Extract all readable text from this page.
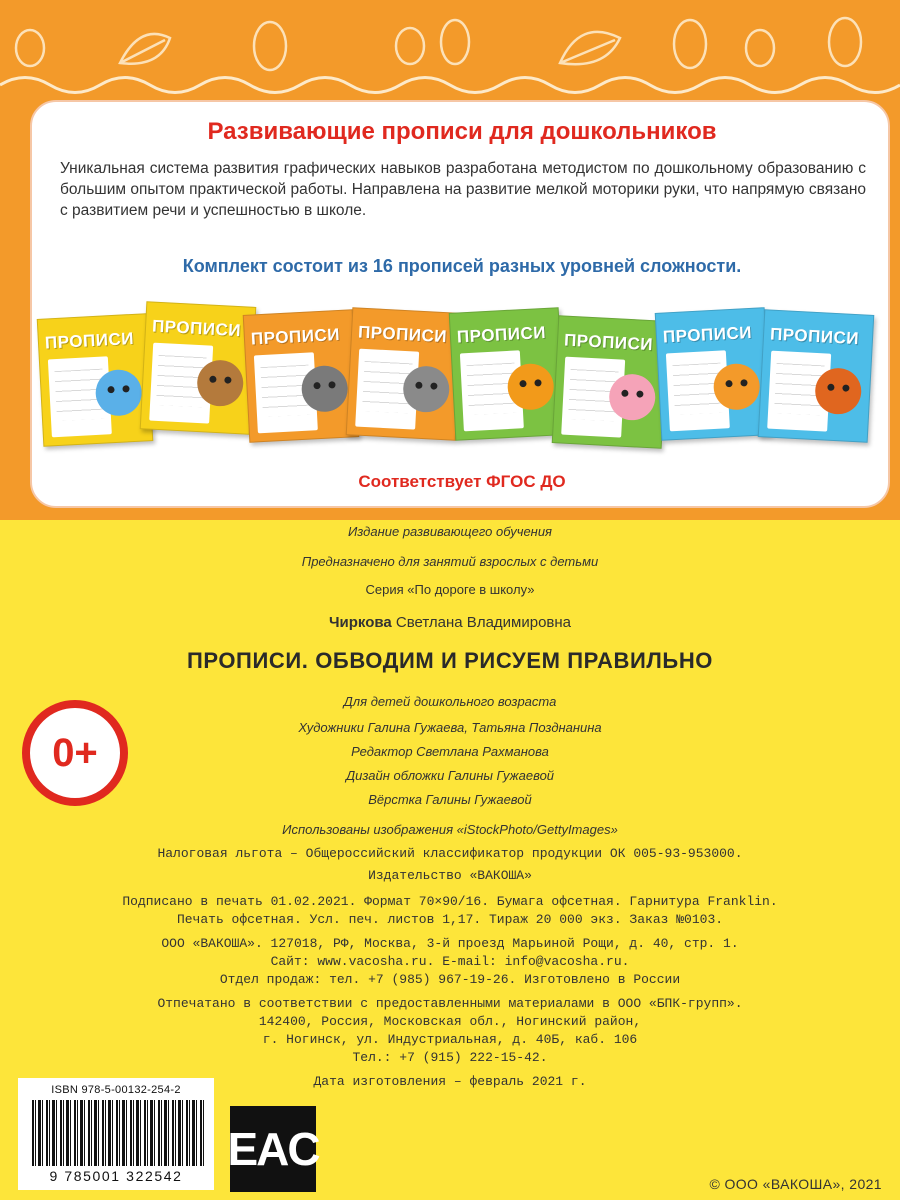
Развивающие прописи для дошкольников
Уникальная система развития графических навыков разработана методистом по дошкольному образованию с большим опытом практической работы. Направлена на развитие мелкой моторики руки, что напрямую связано с развитием речи и успешностью в школе.
Комплект состоит из 16 прописей разных уровней сложности.
ПРОПИСИ
ПРОПИСИ ПРОПИСИ ПРОПИСИ ПРОПИСИ ПРОПИСИ ПРОПИСИ ПРОПИСИ
Соответствует ФГОС ДО
Издание развивающего обучения
Предназначено для занятий взрослых с детьми
Серия «По дороге в школу»
Чиркова Светлана Владимировна
ПРОПИСИ. ОБВОДИМ И РИСУЕМ ПРАВИЛЬНО
0+
Для детей дошкольного возраста
Художники Галина Гужаева, Татьяна Позднанина
Редактор Светлана Рахманова
Дизайн обложки Галины Гужаевой
Вёрстка Галины Гужаевой
Использованы изображения «iStockPhoto/GettyImages»
Налоговая льгота – Общероссийский классификатор продукции ОК 005-93-953000.
Издательство «ВАКОША»
Подписано в печать 01.02.2021. Формат 70×90/16. Бумага офсетная. Гарнитура Franklin.
Печать офсетная. Усл. печ. листов 1,17. Тираж 20 000 экз. Заказ №0103.
ООО «ВАКОША». 127018, РФ, Москва, 3-й проезд Марьиной Рощи, д. 40, стр. 1.
Сайт: www.vacosha.ru. E-mail: info@vacosha.ru.
Отдел продаж: тел. +7 (985) 967-19-26. Изготовлено в России
Отпечатано в соответствии с предоставленными материалами в ООО «БПК-групп».
142400, Россия, Московская обл., Ногинский район,
г. Ногинск, ул. Индустриальная, д. 40Б, каб. 106
Тел.: +7 (915) 222-15-42.
Дата изготовления – февраль 2021 г.
ISBN 978-5-00132-254-2
9 785001 322542
EAC
© ООО «ВАКОША», 2021
